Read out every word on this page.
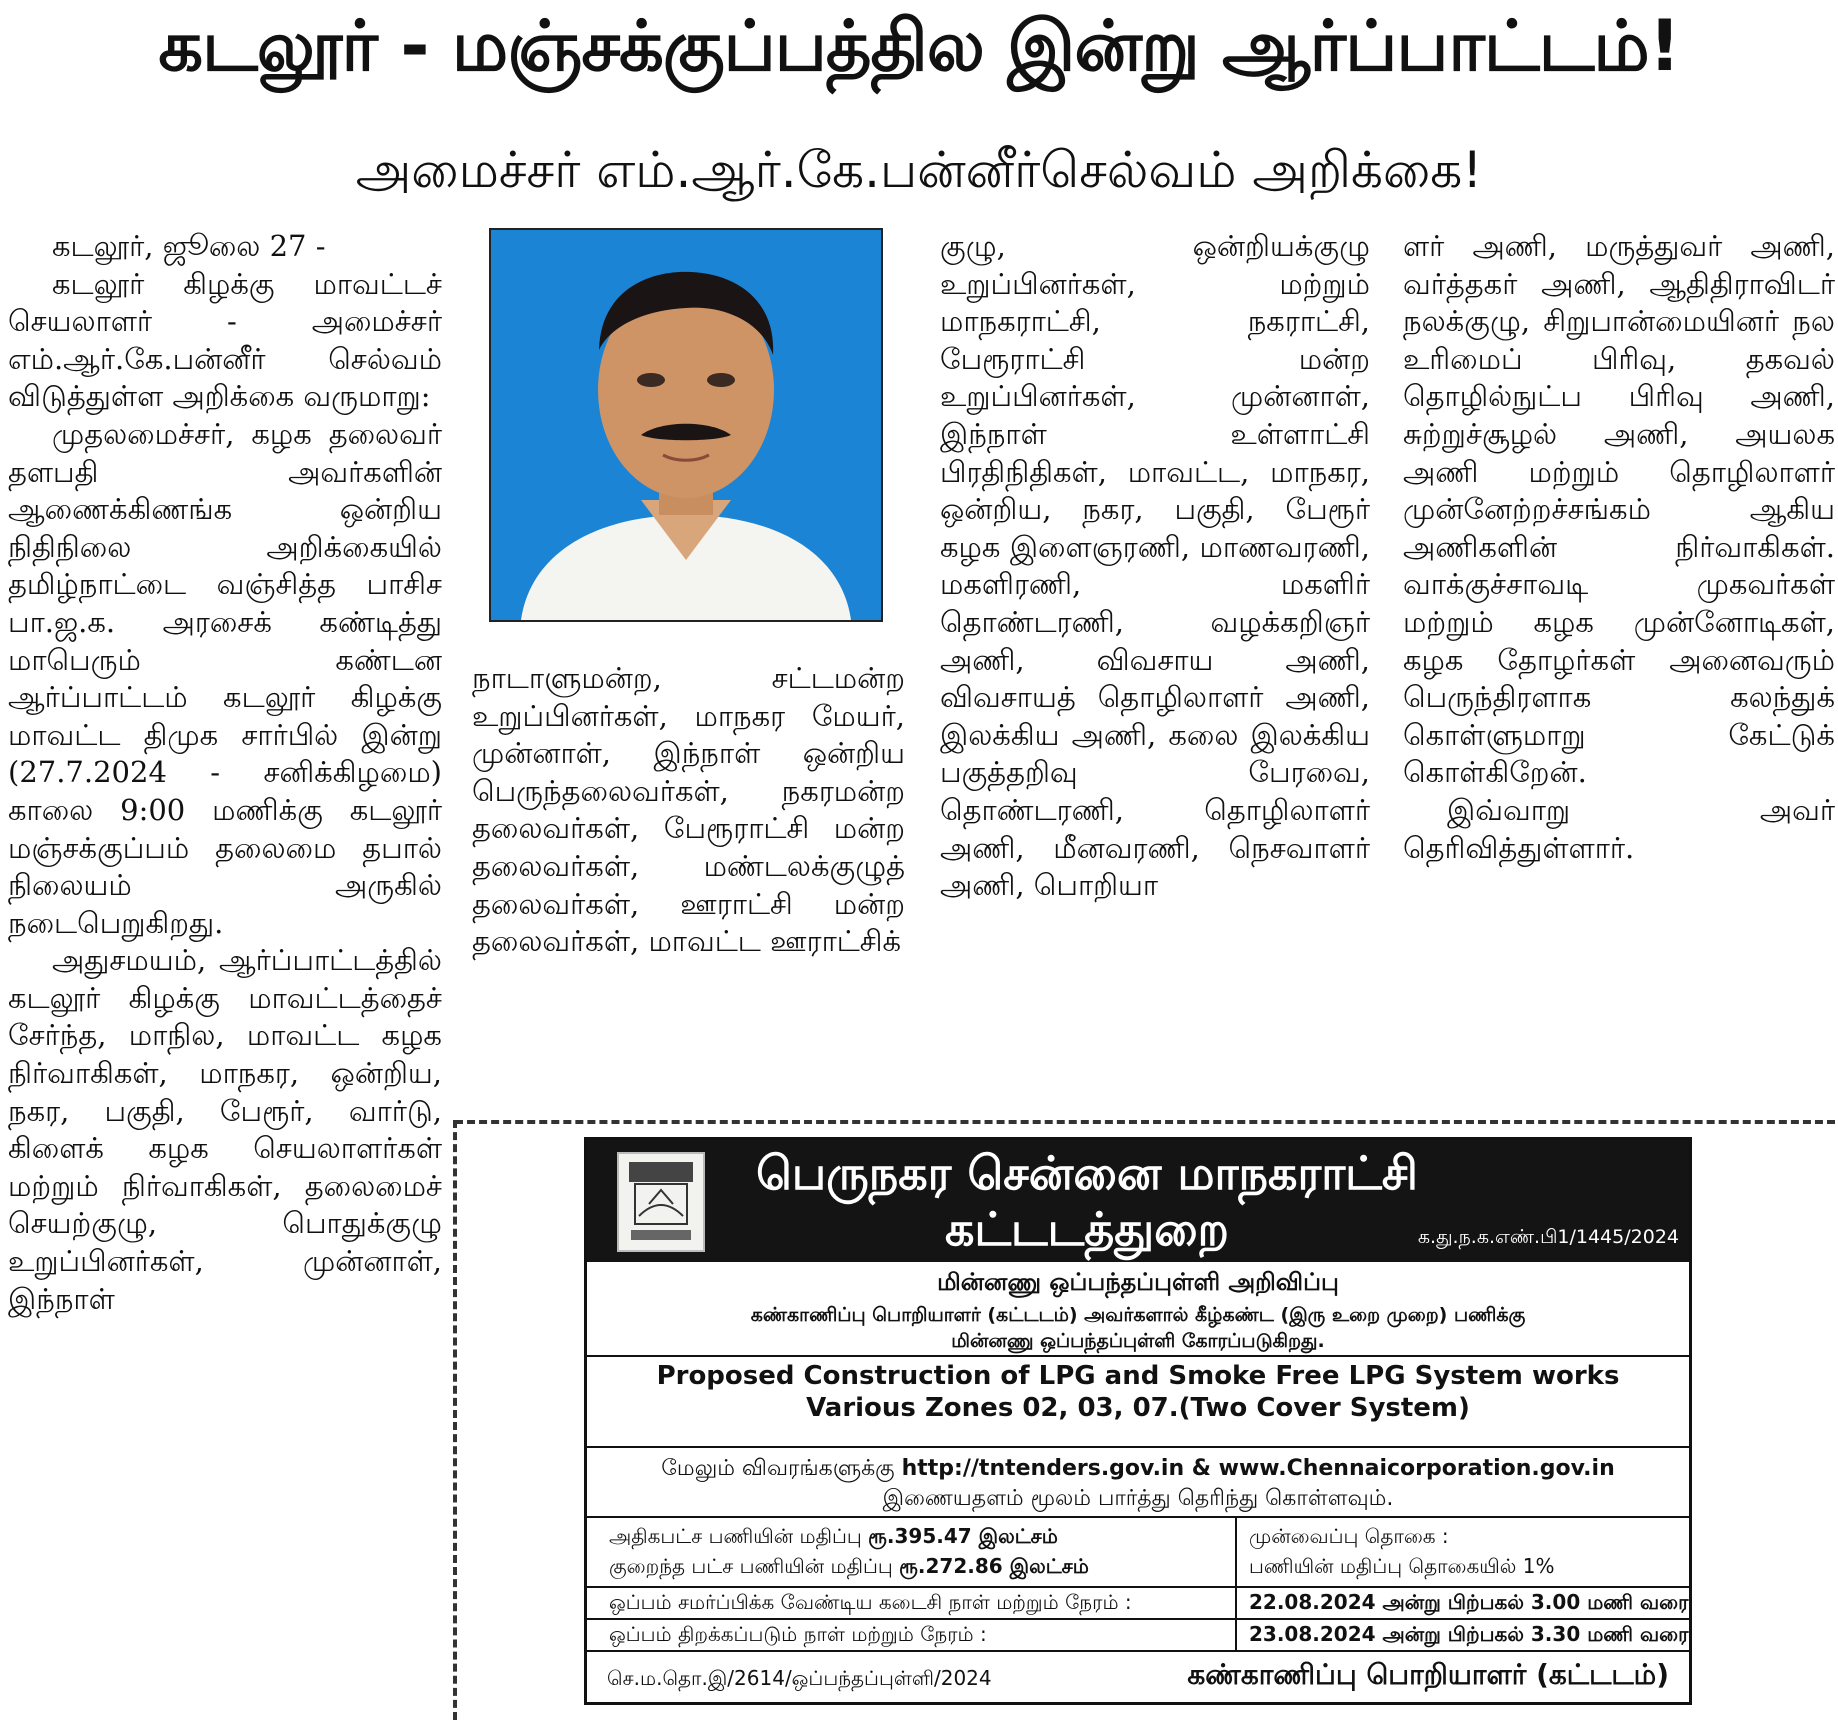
கடலூர் - மஞ்சக்குப்பத்தில இன்று ஆர்ப்பாட்டம்!
அமைச்சர் எம்.ஆர்.கே.பன்னீர்செல்வம் அறிக்கை!

கடலூர், ஜூலை 27 -

கடலூர் கிழக்கு மாவட்டச் செயலாளர் - அமைச்சர் எம்.ஆர்.கே.பன்னீர் செல்வம் விடுத்துள்ள அறிக்கை வருமாறு:

முதலமைச்சர், கழக தலைவர் தளபதி அவர்களின் ஆணைக்கிணங்க ஒன்றிய நிதிநிலை அறிக்கையில் தமிழ்நாட்டை வஞ்சித்த பாசிச பா.ஜ.க. அரசைக் கண்டித்து மாபெரும் கண்டன ஆர்ப்பாட்டம் கடலூர் கிழக்கு மாவட்ட திமுக சார்பில் இன்று (27.7.2024 - சனிக்கிழமை) காலை 9:00 மணிக்கு கடலூர் மஞ்சக்குப்பம் தலைமை தபால் நிலையம் அருகில் நடைபெறுகிறது.

அதுசமயம், ஆர்ப்பாட்டத்தில் கடலூர் கிழக்கு மாவட்டத்தைச் சேர்ந்த, மாநில, மாவட்ட கழக நிர்வாகிகள், மாநகர, ஒன்றிய, நகர, பகுதி, பேரூர், வார்டு, கிளைக் கழக செயலாளர்கள் மற்றும் நிர்வாகிகள், தலைமைச் செயற்குழு, பொதுக்குழு உறுப்பினர்கள், முன்னாள், இந்நாள்

நாடாளுமன்ற, சட்டமன்ற உறுப்பினர்கள், மாநகர மேயர், முன்னாள், இந்நாள் ஒன்றிய பெருந்தலைவர்கள், நகரமன்ற தலைவர்கள், பேரூராட்சி மன்ற தலைவர்கள், மண்டலக்குழுத் தலைவர்கள், ஊராட்சி மன்ற தலைவர்கள், மாவட்ட ஊராட்சிக்

குழு, ஒன்றியக்குழு உறுப்பினர்கள், மற்றும் மாநகராட்சி, நகராட்சி, பேரூராட்சி மன்ற உறுப்பினர்கள், முன்னாள், இந்நாள் உள்ளாட்சி பிரதிநிதிகள், மாவட்ட, மாநகர, ஒன்றிய, நகர, பகுதி, பேரூர் கழக இளைஞரணி, மாணவரணி, மகளிரணி, மகளிர் தொண்டரணி, வழக்கறிஞர் அணி, விவசாய அணி, விவசாயத் தொழிலாளர் அணி, இலக்கிய அணி, கலை இலக்கிய பகுத்தறிவு பேரவை, தொண்டரணி, தொழிலாளர் அணி, மீனவரணி, நெசவாளர் அணி, பொறியா

ளர் அணி, மருத்துவர் அணி, வர்த்தகர் அணி, ஆதிதிராவிடர் நலக்குழு, சிறுபான்மையினர் நல உரிமைப் பிரிவு, தகவல் தொழில்நுட்ப பிரிவு அணி, சுற்றுச்சூழல் அணி, அயலக அணி மற்றும் தொழிலாளர் முன்னேற்றச்சங்கம் ஆகிய அணிகளின் நிர்வாகிகள். வாக்குச்சாவடி முகவர்கள் மற்றும் கழக முன்னோடிகள், கழக தோழர்கள் அனைவரும் பெருந்திரளாக கலந்துக் கொள்ளுமாறு கேட்டுக் கொள்கிறேன்.

இவ்வாறு அவர் தெரிவித்துள்ளார்.

பெருநகர சென்னை மாநகராட்சி
கட்டடத்துறை	க.து.ந.க.எண்.பி1/1445/2024
மின்னணு ஒப்பந்தப்புள்ளி அறிவிப்பு
கண்காணிப்பு பொறியாளர் (கட்டடம்) அவர்களால் கீழ்கண்ட (இரு உறை முறை) பணிக்கு
மின்னணு ஒப்பந்தப்புள்ளி கோரப்படுகிறது.
Proposed Construction of LPG and Smoke Free LPG System works Various Zones 02, 03, 07.(Two Cover System)
மேலும் விவரங்களுக்கு http://tntenders.gov.in & www.Chennaicorporation.gov.in
இணையதளம் மூலம் பார்த்து தெரிந்து கொள்ளவும்.
அதிகபட்ச பணியின் மதிப்பு ரூ.395.47 இலட்சம்
குறைந்த பட்ச பணியின் மதிப்பு ரூ.272.86 இலட்சம்
முன்வைப்பு தொகை :
பணியின் மதிப்பு தொகையில் 1%
ஒப்பம் சமர்ப்பிக்க வேண்டிய கடைசி நாள் மற்றும் நேரம் :	22.08.2024 அன்று பிற்பகல் 3.00 மணி வரை
ஒப்பம் திறக்கப்படும் நாள் மற்றும் நேரம் :	23.08.2024 அன்று பிற்பகல் 3.30 மணி வரை
செ.ம.தொ.இ/2614/ஒப்பந்தப்புள்ளி/2024	கண்காணிப்பு பொறியாளர் (கட்டடம்)
